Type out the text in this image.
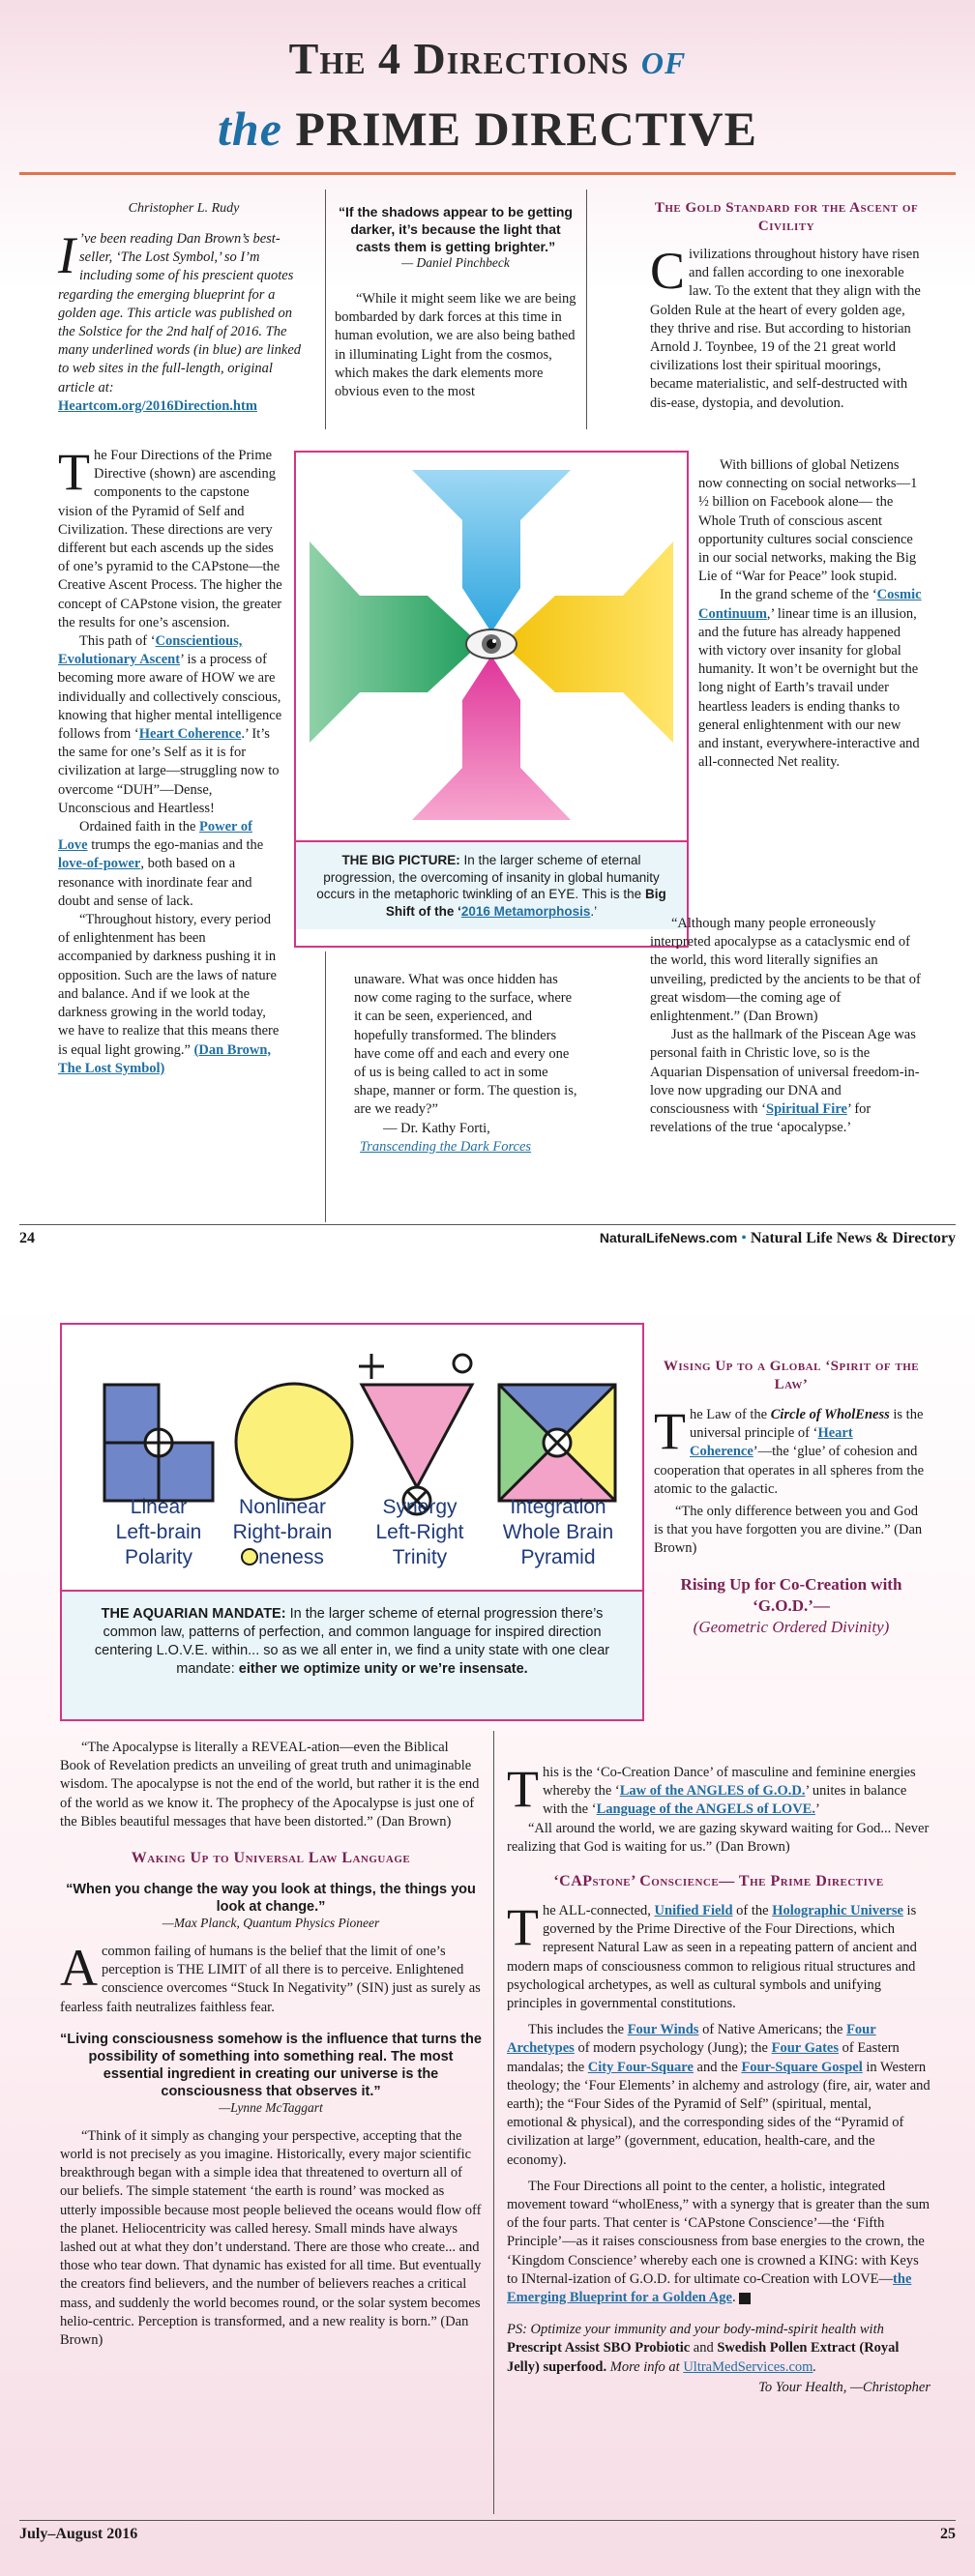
The 4 Directions of
the PRIME DIRECTIVE
Christopher L. Rudy
I ’ve been reading Dan Brown’s best-seller, ‘The Lost Symbol,’ so I’m including some of his prescient quotes regarding the emerging blueprint for a golden age. This article was published on the Solstice for the 2nd half of 2016. The many underlined words (in blue) are linked to web sites in the full-length, original article at: Heartcom.org/2016Direction.htm

The Four Directions of the Prime Directive (shown) are ascending components to the capstone vision of the Pyramid of Self and Civilization. These directions are very different but each ascends up the sides of one’s pyramid to the CAPstone—the Creative Ascent Process. The higher the concept of CAPstone vision, the greater the results for one’s ascension.

This path of ‘Conscientious, Evolutionary Ascent’ is a process of becoming more aware of HOW we are individually and collectively conscious, knowing that higher mental intelligence follows from ‘Heart Coherence.’ It’s the same for one’s Self as it is for civilization at large—struggling now to overcome “DUH”—Dense, Unconscious and Heartless!

Ordained faith in the Power of Love trumps the ego-manias and the love-of-power, both based on a resonance with inordinate fear and doubt and sense of lack.

“Throughout history, every period of enlightenment has been accompanied by darkness pushing it in opposition. Such are the laws of nature and balance. And if we look at the darkness growing in the world today, we have to realize that this means there is equal light growing.” (Dan Brown, The Lost Symbol)

“If the shadows appear to be getting darker, it’s because the light that casts them is getting brighter.”
— Daniel Pinchbeck

“While it might seem like we are being bombarded by dark forces at this time in human evolution, we are also being bathed in illuminating Light from the cosmos, which makes the dark elements more obvious even to the most

THE BIG PICTURE: In the larger scheme of eternal progression, the overcoming of insanity in global humanity occurs in the metaphoric twinkling of an EYE. This is the Big Shift of the ‘2016 Metamorphosis.’

unaware. What was once hidden has now come raging to the surface, where it can be seen, experienced, and hopefully transformed. The blinders have come off and each and every one of us is being called to act in some shape, manner or form. The question is, are we ready?”

— Dr. Kathy Forti,

Transcending the Dark Forces

The Gold Standard for the Ascent of Civility

Civilizations throughout history have risen and fallen according to one inexorable law. To the extent that they align with the Golden Rule at the heart of every golden age, they thrive and rise. But according to historian Arnold J. Toynbee, 19 of the 21 great world civilizations lost their spiritual moorings, became materialistic, and self-destructed with dis-ease, dystopia, and devolution.

With billions of global Netizens now connecting on social networks—1 ½ billion on Facebook alone— the Whole Truth of conscious ascent opportunity cultures social conscience in our social networks, making the Big Lie of “War for Peace” look stupid.

In the grand scheme of the ‘Cosmic Continuum,’ linear time is an illusion, and the future has already happened with victory over insanity for global humanity. It won’t be overnight but the long night of Earth’s travail under heartless leaders is ending thanks to general enlightenment with our new and instant, everywhere-interactive and all-connected Net reality.

“Although many people erroneously interpreted apocalypse as a cataclysmic end of the world, this word literally signifies an unveiling, predicted by the ancients to be that of great wisdom—the coming age of enlightenment.” (Dan Brown)

Just as the hallmark of the Piscean Age was personal faith in Christic love, so is the Aquarian Dispensation of universal freedom-in-love now upgrading our DNA and consciousness with ‘Spiritual Fire’ for revelations of the true ‘apocalypse.’

24	NaturalLifeNews.com • Natural Life News & Directory
Linear
Left-brain
Polarity
Nonlinear
Right-brain
neness
Synergy
Left-Right
Trinity
Integration
Whole Brain
Pyramid
THE AQUARIAN MANDATE: In the larger scheme of eternal progression there’s common law, patterns of perfection, and common language for inspired direction centering L.O.V.E. within... so as we all enter in, we find a unity state with one clear mandate: either we optimize unity or we’re insensate.
Wising Up to a Global ‘Spirit of the Law’

The Law of the Circle of WholEness is the universal principle of ‘Heart Coherence’—the ‘glue’ of cohesion and cooperation that operates in all spheres from the atomic to the galactic.

“The only difference between you and God is that you have forgotten you are divine.” (Dan Brown)

Rising Up for Co-Creation with ‘G.O.D.’—
(Geometric Ordered Divinity)

This is the ‘Co-Creation Dance’ of masculine and feminine energies whereby the ‘Law of the ANGLES of G.O.D.’ unites in balance with the ‘Language of the ANGELS of LOVE.’

“All around the world, we are gazing skyward waiting for God... Never realizing that God is waiting for us.” (Dan Brown)

‘CAPstone’ Conscience— The Prime Directive

The ALL-connected, Unified Field of the Holographic Universe is governed by the Prime Directive of the Four Directions, which represent Natural Law as seen in a repeating pattern of ancient and modern maps of consciousness common to religious ritual structures and psychological archetypes, as well as cultural symbols and unifying principles in governmental constitutions.

This includes the Four Winds of Native Americans; the Four Archetypes of modern psychology (Jung); the Four Gates of Eastern mandalas; the City Four-Square and the Four-Square Gospel in Western theology; the ‘Four Elements’ in alchemy and astrology (fire, air, water and earth); the “Four Sides of the Pyramid of Self” (spiritual, mental, emotional & physical), and the corresponding sides of the “Pyramid of civilization at large” (government, education, health-care, and the economy).

The Four Directions all point to the center, a holistic, integrated movement toward “wholEness,” with a synergy that is greater than the sum of the four parts. That center is ‘CAPstone Conscience’—the ‘Fifth Principle’—as it raises consciousness from base energies to the crown, the ‘Kingdom Conscience’ whereby each one is crowned a KING: with Keys to INternal-ization of G.O.D. for ultimate co-Creation with LOVE—the Emerging Blueprint for a Golden Age.

PS: Optimize your immunity and your body-mind-spirit health with Prescript Assist SBO Probiotic and Swedish Pollen Extract (Royal Jelly) superfood. More info at UltraMedServices.com.

To Your Health, —Christopher

“The Apocalypse is literally a REVEAL-ation—even the Biblical Book of Revelation predicts an unveiling of great truth and unimaginable wisdom. The apocalypse is not the end of the world, but rather it is the end of the world as we know it. The prophecy of the Apocalypse is just one of the Bibles beautiful messages that have been distorted.” (Dan Brown)

Waking Up to Universal Law Language
“When you change the way you look at things, the things you look at change.”
—Max Planck, Quantum Physics Pioneer

A common failing of humans is the belief that the limit of one’s perception is THE LIMIT of all there is to perceive. Enlightened conscience overcomes “Stuck In Negativity” (SIN) just as surely as fearless faith neutralizes faithless fear.

“Living consciousness somehow is the influence that turns the possibility of something into something real. The most essential ingredient in creating our universe is the consciousness that observes it.”
—Lynne McTaggart

“Think of it simply as changing your perspective, accepting that the world is not precisely as you imagine. Historically, every major scientific breakthrough began with a simple idea that threatened to overturn all of our beliefs. The simple statement ‘the earth is round’ was mocked as utterly impossible because most people believed the oceans would flow off the planet. Heliocentricity was called heresy. Small minds have always lashed out at what they don’t understand. There are those who create... and those who tear down. That dynamic has existed for all time. But eventually the creators find believers, and the number of believers reaches a critical mass, and suddenly the world becomes round, or the solar system becomes helio-centric. Perception is transformed, and a new reality is born.” (Dan Brown)

July–August 2016	25
